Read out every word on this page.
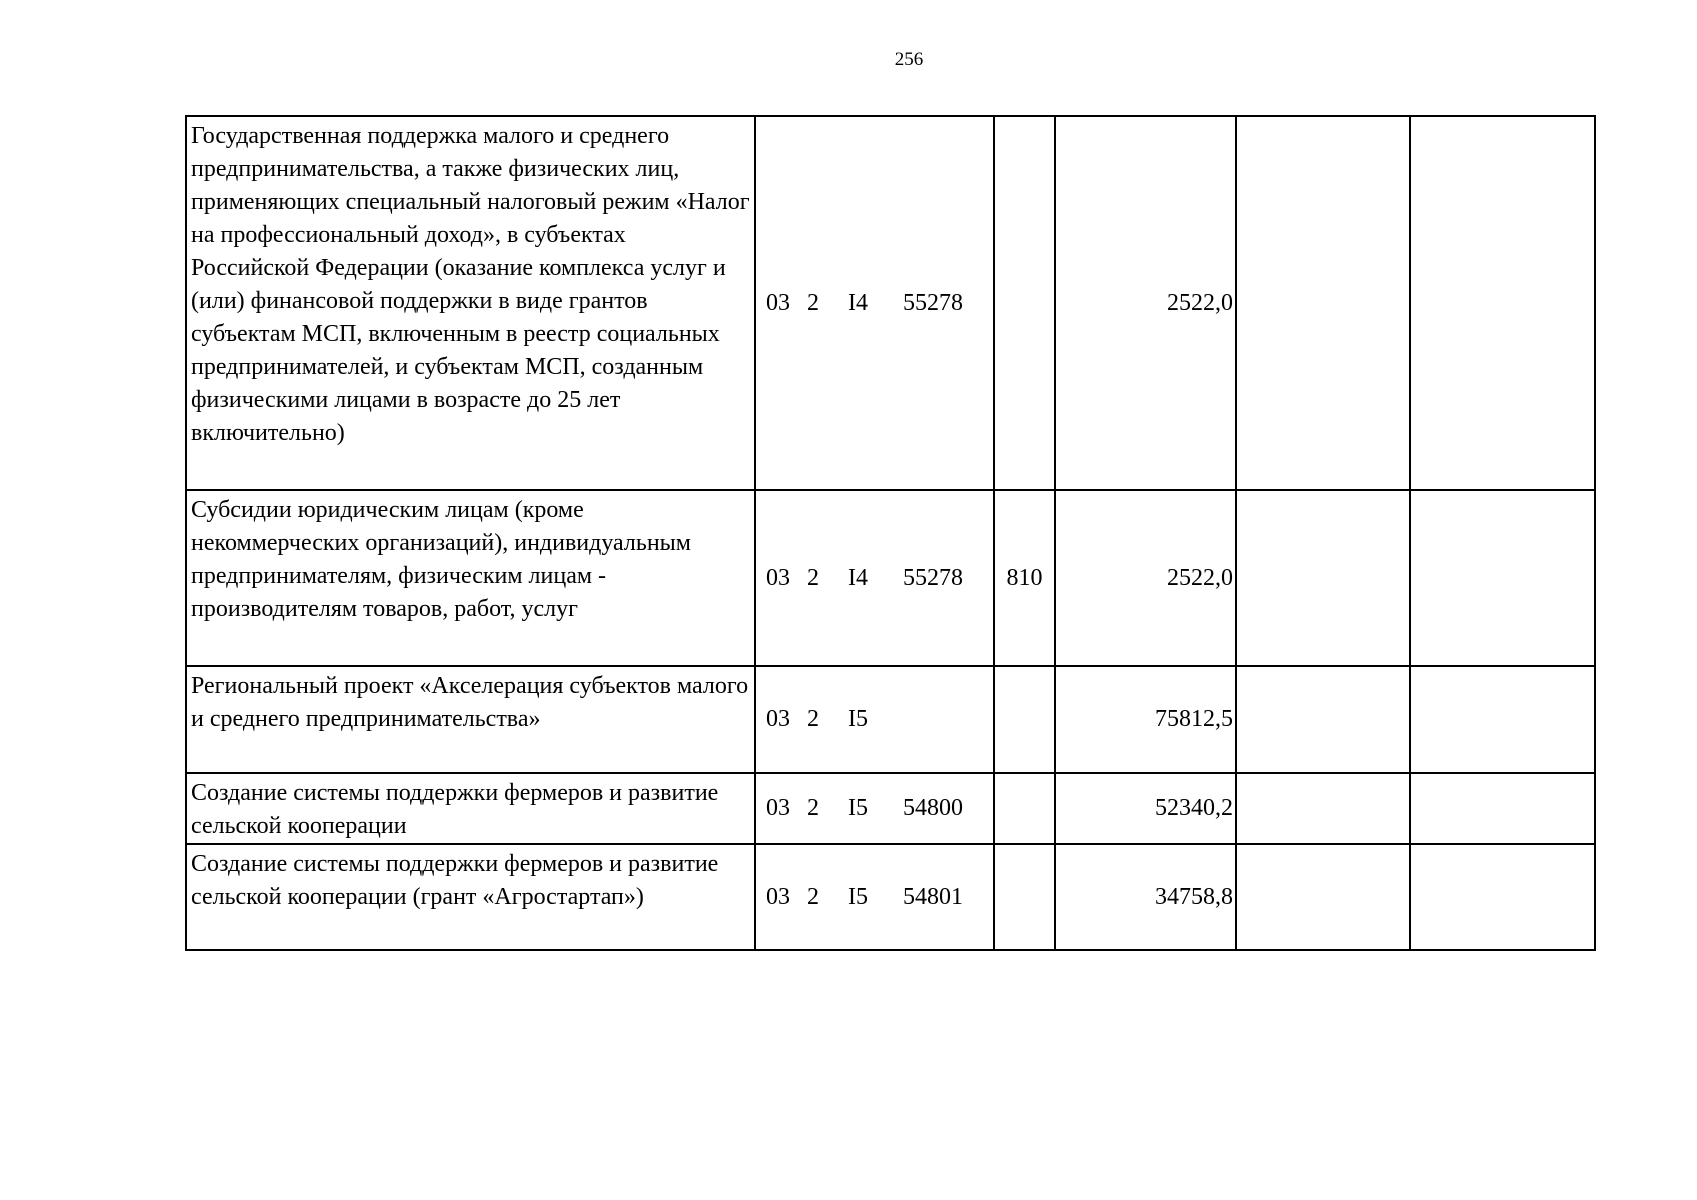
256
Государственная поддержка малого и среднего предпринимательства, а также физических лиц, применяющих специальный налоговый режим «Налог на профессиональный доход», в субъектах Российской Федерации (оказание комплекса услуг и (или) финансовой поддержки в виде грантов субъектам МСП, включенным в реестр социальных предпринимателей, и субъектам МСП, созданным физическими лицами в возрасте до 25 лет включительно)	03 2 I4 55278		2522,0		
Субсидии юридическим лицам (кроме некоммерческих организаций), индивидуальным предпринимателям, физическим лицам - производителям товаров, работ, услуг	03 2 I4 55278	810	2522,0		
Региональный проект «Акселерация субъектов малого и среднего предпринимательства»	03 2 I5		75812,5		
Создание системы поддержки фермеров и развитие сельской кооперации	03 2 I5 54800		52340,2		
Создание системы поддержки фермеров и развитие сельской кооперации (грант «Агростартап»)	03 2 I5 54801		34758,8		
